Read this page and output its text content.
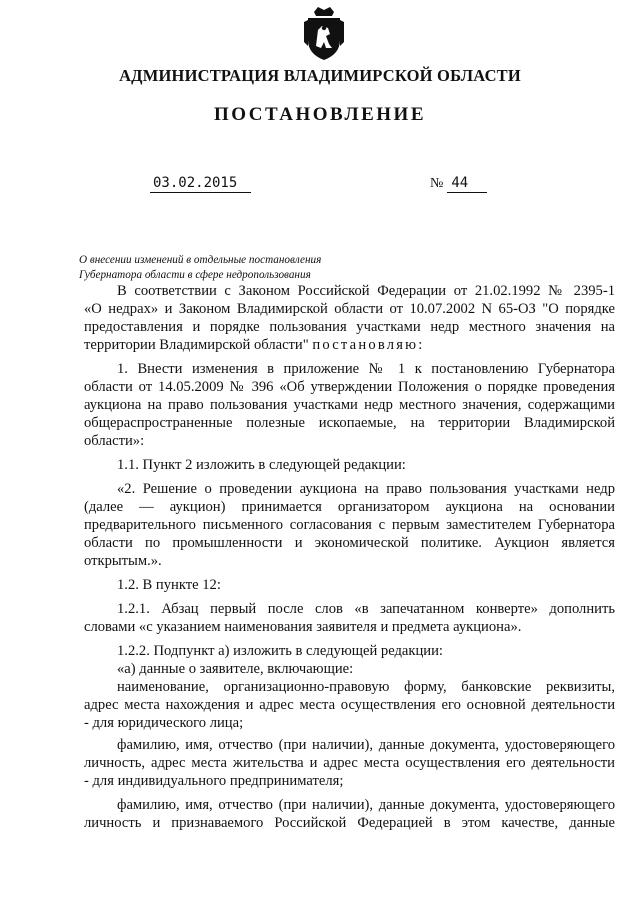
АДМИНИСТРАЦИЯ ВЛАДИМИРСКОЙ ОБЛАСТИ
ПОСТАНОВЛЕНИЕ
03.02.2015	№ 44
О внесении изменений в отдельные постановления
Губернатора области в сфере недропользования
В соответствии с Законом Российской Федерации от 21.02.1992 № 2395-1
«О недрах» и Законом Владимирской области от 10.07.2002 N 65-ОЗ "О порядке
предоставления и порядке пользования участками недр местного значения на
территории Владимирской области" постановляю:
1. Внести изменения в приложение № 1 к постановлению Губернатора
области от 14.05.2009 № 396 «Об утверждении Положения о порядке проведения
аукциона на право пользования участками недр местного значения, содержащими
общераспространенные полезные ископаемые, на территории Владимирской
области»:
1.1. Пункт 2 изложить в следующей редакции:
«2. Решение о проведении аукциона на право пользования участками недр
(далее — аукцион) принимается организатором аукциона на основании
предварительного письменного согласования с первым заместителем Губернатора
области по промышленности и экономической политике. Аукцион является
открытым.».
1.2. В пункте 12:
1.2.1. Абзац первый после слов «в запечатанном конверте» дополнить
словами «с указанием наименования заявителя и предмета аукциона».
1.2.2. Подпункт а) изложить в следующей редакции:
«а) данные о заявителе, включающие:
наименование, организационно-правовую форму, банковские реквизиты,
адрес места нахождения и адрес места осуществления его основной деятельности
- для юридического лица;
фамилию, имя, отчество (при наличии), данные документа, удостоверяющего
личность, адрес места жительства и адрес места осуществления его деятельности
- для индивидуального предпринимателя;
фамилию, имя, отчество (при наличии), данные документа, удостоверяющего
личность и признаваемого Российской Федерацией в этом качестве, данные
